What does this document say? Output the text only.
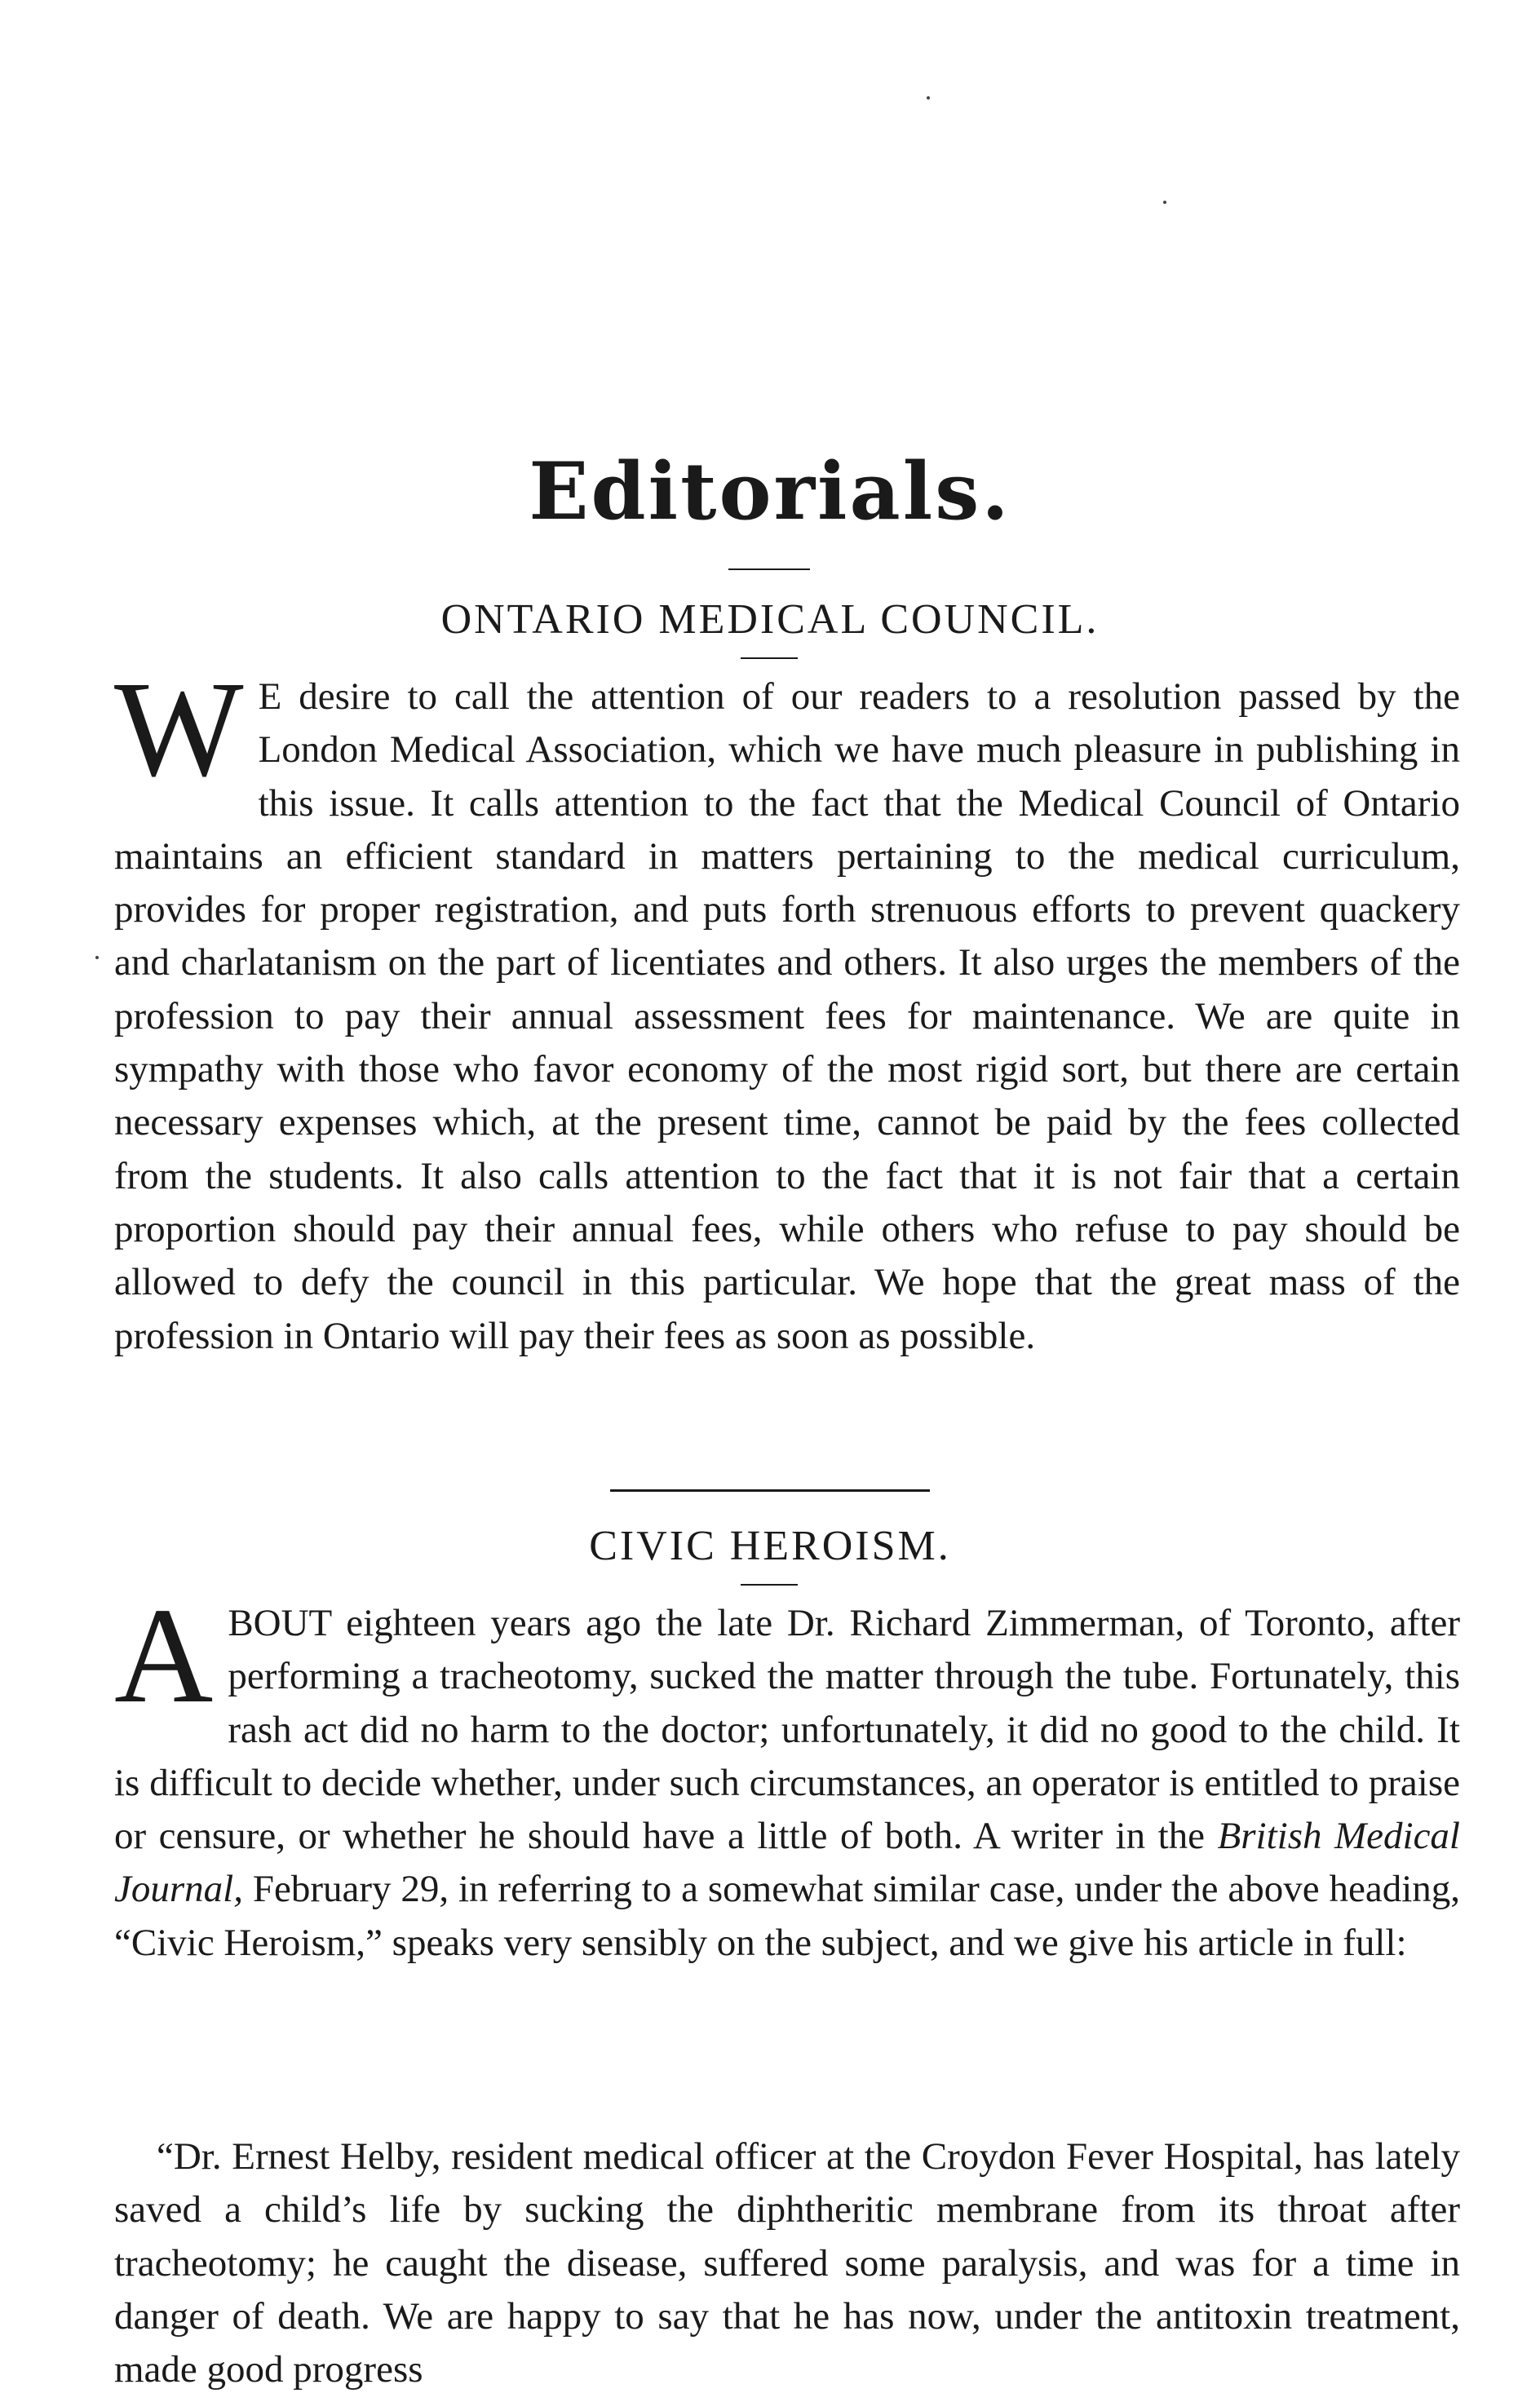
Editorials.
ONTARIO MEDICAL COUNCIL.

W E desire to call the attention of our readers to a resolution passed by the London Medical Association, which we have much pleasure in publishing in this issue. It calls attention to the fact that the Medical Council of Ontario maintains an efficient standard in matters pertaining to the medical curriculum, provides for proper registration, and puts forth strenuous efforts to prevent quackery and charlatanism on the part of licentiates and others. It also urges the members of the profession to pay their annual assessment fees for maintenance. We are quite in sympathy with those who favor economy of the most rigid sort, but there are certain necessary expenses which, at the present time, cannot be paid by the fees collected from the students. It also calls attention to the fact that it is not fair that a certain proportion should pay their annual fees, while others who refuse to pay should be allowed to defy the council in this particular. We hope that the great mass of the profession in Ontario will pay their fees as soon as possible.

CIVIC HEROISM.

ABOUT eighteen years ago the late Dr. Richard Zimmerman, of Toronto, after performing a tracheotomy, sucked the matter through the tube. Fortunately, this rash act did no harm to the doctor; unfortunately, it did no good to the child. It is difficult to decide whether, under such circumstances, an operator is entitled to praise or censure, or whether he should have a little of both. A writer in the British Medical Journal, February 29, in referring to a somewhat similar case, under the above heading, “Civic Heroism,” speaks very sensibly on the subject, and we give his article in full:

“Dr. Ernest Helby, resident medical officer at the Croydon Fever Hospital, has lately saved a child’s life by sucking the diphtheritic membrane from its throat after tracheotomy; he caught the disease, suffered some paralysis, and was for a time in danger of death. We are happy to say that he has now, under the antitoxin treatment, made good progress
